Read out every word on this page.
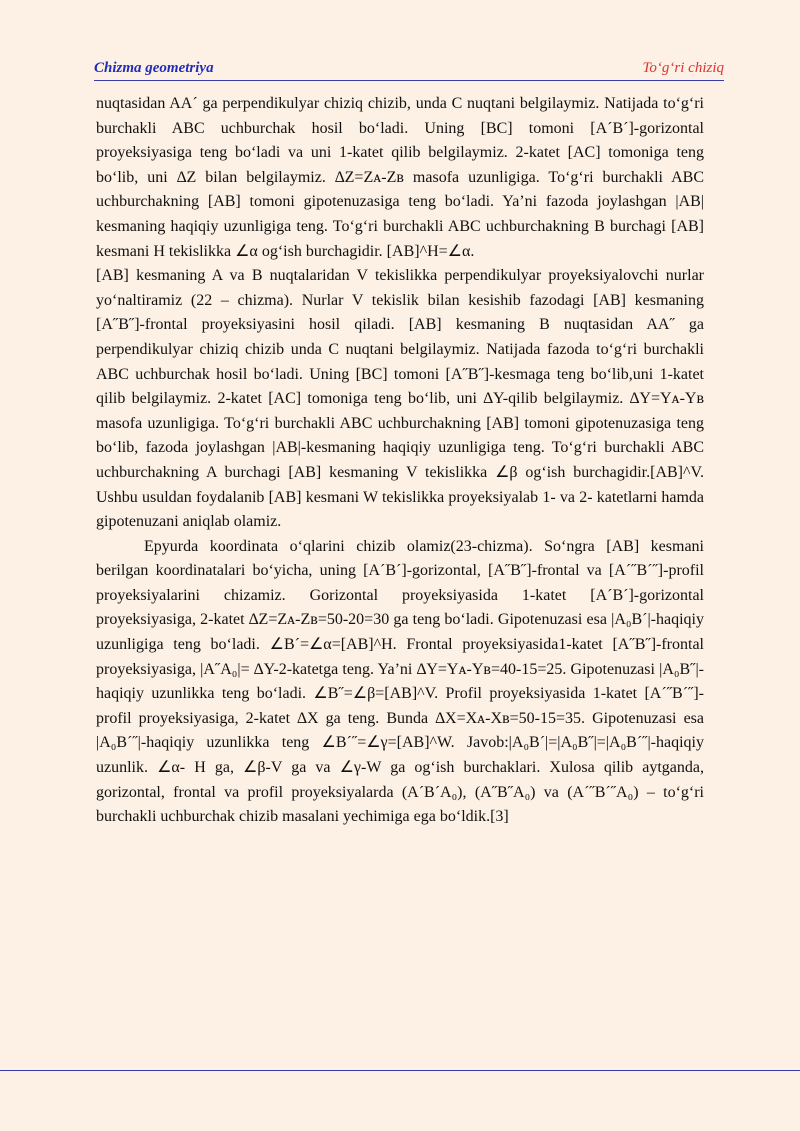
Chizma geometriya	To‘g‘ri chiziq

nuqtasidan AA´ ga perpendikulyar chiziq chizib, unda C nuqtani belgilaymiz. Natijada to‘g‘ri burchakli ABC uchburchak hosil bo‘ladi. Uning [BC] tomoni [A´B´]-gorizontal proyeksiyasiga teng bo‘ladi va uni 1-katet qilib belgilaymiz. 2-katet [AC] tomoniga teng bo‘lib, uni ∆Z bilan belgilaymiz. ∆Z=Zᴀ-Zʙ masofa uzunligiga. To‘g‘ri burchakli ABC uchburchakning [AB] tomoni gipotenuzasiga teng bo‘ladi. Ya’ni fazoda joylashgan |AB| kesmaning haqiqiy uzunligiga teng. To‘g‘ri burchakli ABC uchburchakning B burchagi [AB] kesmani H tekislikka ∠α og‘ish burchagidir. [AB]^H=∠α.

[AB] kesmaning A va B nuqtalaridan V tekislikka perpendikulyar proyeksiyalovchi nurlar yo‘naltiramiz (22 – chizma). Nurlar V tekislik bilan kesishib fazodagi [AB] kesmaning [A˝B˝]-frontal proyeksiyasini hosil qiladi. [AB] kesmaning B nuqtasidan AA˝ ga perpendikulyar chiziq chizib unda C nuqtani belgilaymiz. Natijada fazoda to‘g‘ri burchakli ABC uchburchak hosil bo‘ladi. Uning [BC] tomoni [A˝B˝]-kesmaga teng bo‘lib,uni 1-katet qilib belgilaymiz. 2-katet [AC] tomoniga teng bo‘lib, uni ∆Y-qilib belgilaymiz. ∆Y=Yᴀ-Yʙ masofa uzunligiga. To‘g‘ri burchakli ABC uchburchakning [AB] tomoni gipotenuzasiga teng bo‘lib, fazoda joylashgan |AB|-kesmaning haqiqiy uzunligiga teng. To‘g‘ri burchakli ABC uchburchakning A burchagi [AB] kesmaning V tekislikka ∠β og‘ish burchagidir.[AB]^V. Ushbu usuldan foydalanib [AB] kesmani W tekislikka proyeksiyalab 1- va 2- katetlarni hamda gipotenuzani aniqlab olamiz.

Epyurda koordinata o‘qlarini chizib olamiz(23-chizma). So‘ngra [AB] kesmani berilgan koordinatalari bo‘yicha, uning [A´B´]-gorizontal, [A˝B˝]-frontal va [A´˝B´˝]-profil proyeksiyalarini chizamiz. Gorizontal proyeksiyasida 1-katet [A´B´]-gorizontal proyeksiyasiga, 2-katet ∆Z=Zᴀ-Zʙ=50-20=30 ga teng bo‘ladi. Gipotenuzasi esa |A₀B´|-haqiqiy uzunligiga teng bo‘ladi. ∠B´=∠α=[AB]^H. Frontal proyeksiyasida1-katet [A˝B˝]-frontal proyeksiyasiga, |A˝A₀|= ∆Y-2-katetga teng. Ya’ni ∆Y=Yᴀ-Yʙ=40-15=25. Gipotenuzasi |A₀B˝|- haqiqiy uzunlikka teng bo‘ladi. ∠B˝=∠β=[AB]^V. Profil proyeksiyasida 1-katet [A´˝B´˝]-profil proyeksiyasiga, 2-katet ∆X ga teng. Bunda ∆X=Xᴀ-Xʙ=50-15=35. Gipotenuzasi esa |A₀B´˝|-haqiqiy uzunlikka teng ∠B´˝=∠γ=[AB]^W. Javob:|A₀B´|=|A₀B˝|=|A₀B´˝|-haqiqiy uzunlik. ∠α- H ga, ∠β-V ga va ∠γ-W ga og‘ish burchaklari. Xulosa qilib aytganda, gorizontal, frontal va profil proyeksiyalarda (A´B´A₀), (A˝B˝A₀) va (A´˝B´˝A₀) – to‘g‘ri burchakli uchburchak chizib masalani yechimiga ega bo‘ldik.[3]
